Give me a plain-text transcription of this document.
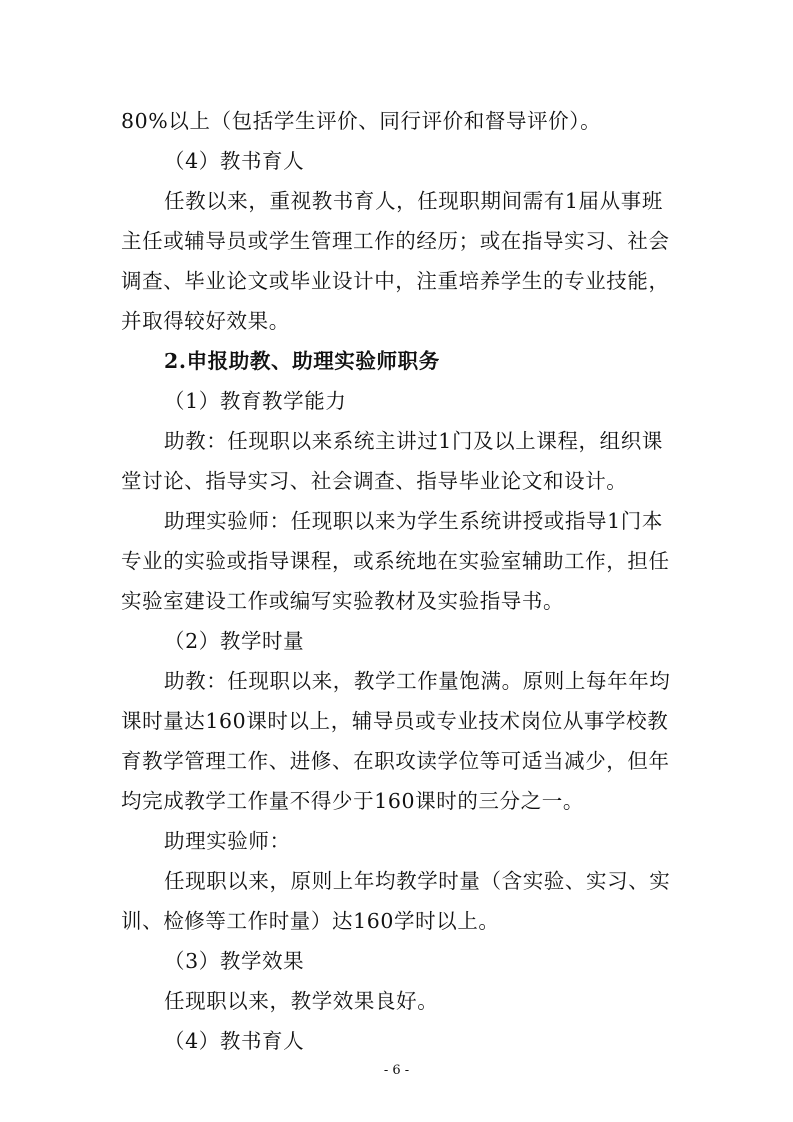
80%以上（包括学生评价、同行评价和督导评价）。
（4）教书育人
任教以来，重视教书育人，任现职期间需有1届从事班
主任或辅导员或学生管理工作的经历；或在指导实习、社会
调查、毕业论文或毕业设计中，注重培养学生的专业技能，
并取得较好效果。
2.申报助教、助理实验师职务
（1）教育教学能力
助教：任现职以来系统主讲过1门及以上课程，组织课
堂讨论、指导实习、社会调查、指导毕业论文和设计。
助理实验师：任现职以来为学生系统讲授或指导1门本
专业的实验或指导课程，或系统地在实验室辅助工作，担任
实验室建设工作或编写实验教材及实验指导书。
（2）教学时量
助教：任现职以来，教学工作量饱满。原则上每年年均
课时量达160课时以上，辅导员或专业技术岗位从事学校教
育教学管理工作、进修、在职攻读学位等可适当减少，但年
均完成教学工作量不得少于160课时的三分之一。
助理实验师：
任现职以来，原则上年均教学时量（含实验、实习、实
训、检修等工作时量）达160学时以上。
（3）教学效果
任现职以来，教学效果良好。
（4）教书育人
- 6 -
